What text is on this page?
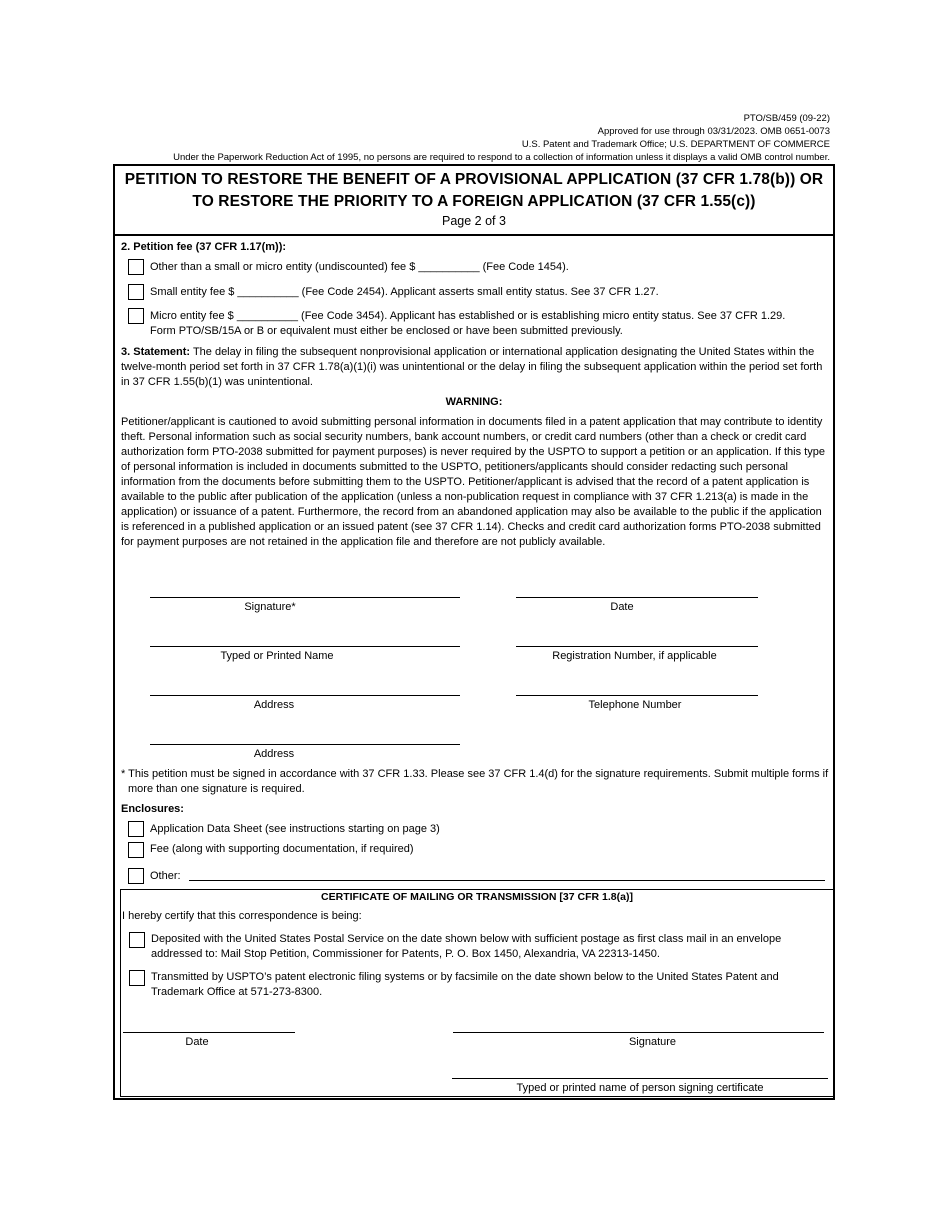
PTO/SB/459 (09-22)
Approved for use through 03/31/2023. OMB 0651-0073
U.S. Patent and Trademark Office; U.S. DEPARTMENT OF COMMERCE
Under the Paperwork Reduction Act of 1995, no persons are required to respond to a collection of information unless it displays a valid OMB control number.
PETITION TO RESTORE THE BENEFIT OF A PROVISIONAL APPLICATION (37 CFR 1.78(b)) OR
TO RESTORE THE PRIORITY TO A FOREIGN APPLICATION (37 CFR 1.55(c))
Page 2 of 3
2. Petition fee (37 CFR 1.17(m)):
Other than a small or micro entity (undiscounted) fee $ __________ (Fee Code 1454).
Small entity fee $ __________ (Fee Code 2454). Applicant asserts small entity status. See 37 CFR 1.27.
Micro entity fee $ __________ (Fee Code 3454). Applicant has established or is establishing micro entity status. See 37 CFR 1.29.
Form PTO/SB/15A or B or equivalent must either be enclosed or have been submitted previously.
3. Statement: The delay in filing the subsequent nonprovisional application or international application designating the United States within the twelve-month period set forth in 37 CFR 1.78(a)(1)(i) was unintentional or the delay in filing the subsequent application within the period set forth in 37 CFR 1.55(b)(1) was unintentional.
WARNING:
Petitioner/applicant is cautioned to avoid submitting personal information in documents filed in a patent application that may contribute to identity theft. Personal information such as social security numbers, bank account numbers, or credit card numbers (other than a check or credit card authorization form PTO-2038 submitted for payment purposes) is never required by the USPTO to support a petition or an application. If this type of personal information is included in documents submitted to the USPTO, petitioners/applicants should consider redacting such personal information from the documents before submitting them to the USPTO. Petitioner/applicant is advised that the record of a patent application is available to the public after publication of the application (unless a non-publication request in compliance with 37 CFR 1.213(a) is made in the application) or issuance of a patent. Furthermore, the record from an abandoned application may also be available to the public if the application is referenced in a published application or an issued patent (see 37 CFR 1.14). Checks and credit card authorization forms PTO-2038 submitted for payment purposes are not retained in the application file and therefore are not publicly available.
Signature*	Date
Typed or Printed Name	Registration Number, if applicable
Address	Telephone Number
Address
* This petition must be signed in accordance with 37 CFR 1.33. Please see 37 CFR 1.4(d) for the signature requirements. Submit multiple forms if more than one signature is required.
Enclosures:
Application Data Sheet (see instructions starting on page 3)
Fee (along with supporting documentation, if required)
Other:
CERTIFICATE OF MAILING OR TRANSMISSION [37 CFR 1.8(a)]
I hereby certify that this correspondence is being:
Deposited with the United States Postal Service on the date shown below with sufficient postage as first class mail in an envelope addressed to: Mail Stop Petition, Commissioner for Patents, P. O. Box 1450, Alexandria, VA 22313-1450.
Transmitted by USPTO’s patent electronic filing systems or by facsimile on the date shown below to the United States Patent and Trademark Office at 571-273-8300.
Date	Signature
Typed or printed name of person signing certificate
